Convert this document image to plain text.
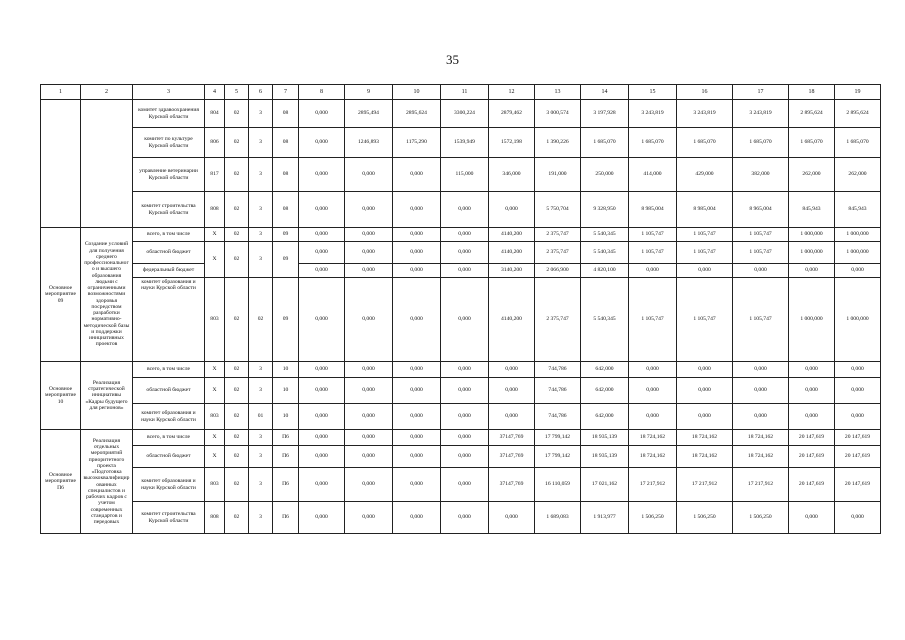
35
1	2	3	4	5	6	7	8	9	10	11	12	13	14	15	16	17	18	19
		комитет здравоохранения Курской области	804	02	3	08	0,000	2895,494	2895,624	3300,224	2879,462	3 000,574	3 197,928	3 243,819	3 243,819	3 243,819	2 895,624	2 895,624
		комитет по культуре Курской области	806	02	3	08	0,000	1246,893	1175,290	1539,949	1572,198	1 390,226	1 685,070	1 685,070	1 685,070	1 685,070	1 685,070	1 685,070
		управление ветеринарии Курской области	817	02	3	08	0,000	0,000	0,000	115,000	346,000	191,000	250,000	414,000	429,000	382,000	262,000	262,000
		комитет строительства Курской области	808	02	3	08	0,000	0,000	0,000	0,000	0,000	5 750,704	9 328,950	8 985,004	8 985,004	8 965,004	845,943	845,943
Основное мероприятие 09	Создание условий для получения среднего профессионального и высшего образования людьми с ограниченными возможностями здоровья посредством разработки нормативно-методической базы и поддержки инициативных проектов	всего, в том числе	X	02	3	09	0,000	0,000	0,000	0,000	4140,200	2 375,747	5 540,345	1 105,747	1 105,747	1 105,747	1 000,000	1 000,000
		областной бюджет	X	02	3	09	0,000	0,000	0,000	0,000	4140,200	2 375,747	5 540,345	1 105,747	1 105,747	1 105,747	1 000,000	1 000,000
		федеральный бюджет					0,000	0,000	0,000	0,000	3140,200	2 066,900	4 820,100	0,000	0,000	0,000	0,000	0,000
		комитет образования и науки Курской области	803	02	02	09	0,000	0,000	0,000	0,000	4140,200	2 375,747	5 540,345	1 105,747	1 105,747	1 105,747	1 000,000	1 000,000
Основное мероприятие 10	Реализация стратегической инициативы «Кадры будущего для регионов»	всего, в том числе	X	02	3	10	0,000	0,000	0,000	0,000	0,000	744,786	642,000	0,000	0,000	0,000	0,000	0,000
		областной бюджет	X	02	3	10	0,000	0,000	0,000	0,000	0,000	744,786	642,000	0,000	0,000	0,000	0,000	0,000
		комитет образования и науки Курской области	803	02	01	10	0,000	0,000	0,000	0,000	0,000	744,786	642,000	0,000	0,000	0,000	0,000	0,000
Основное мероприятие П6	Реализация отдельных мероприятий приоритетного проекта «Подготовка высококвалифицированных специалистов и рабочих кадров с учетом современных стандартов и передовых	всего, в том числе	X	02	3	П6	0,000	0,000	0,000	0,000	37147,769	17 799,142	18 935,139	18 724,162	18 724,162	18 724,162	20 147,619	20 147,619
		областной бюджет	X	02	3	П6	0,000	0,000	0,000	0,000	37147,769	17 799,142	18 935,139	18 724,162	18 724,162	18 724,162	20 147,619	20 147,619
		комитет образования и науки Курской области	803	02	3	П6	0,000	0,000	0,000	0,000	37147,769	16 110,059	17 021,162	17 217,912	17 217,912	17 217,912	20 147,619	20 147,619
		комитет строительства Курской области	808	02	3	П6	0,000	0,000	0,000	0,000	0,000	1 689,083	1 913,977	1 506,250	1 506,250	1 506,250	0,000	0,000
